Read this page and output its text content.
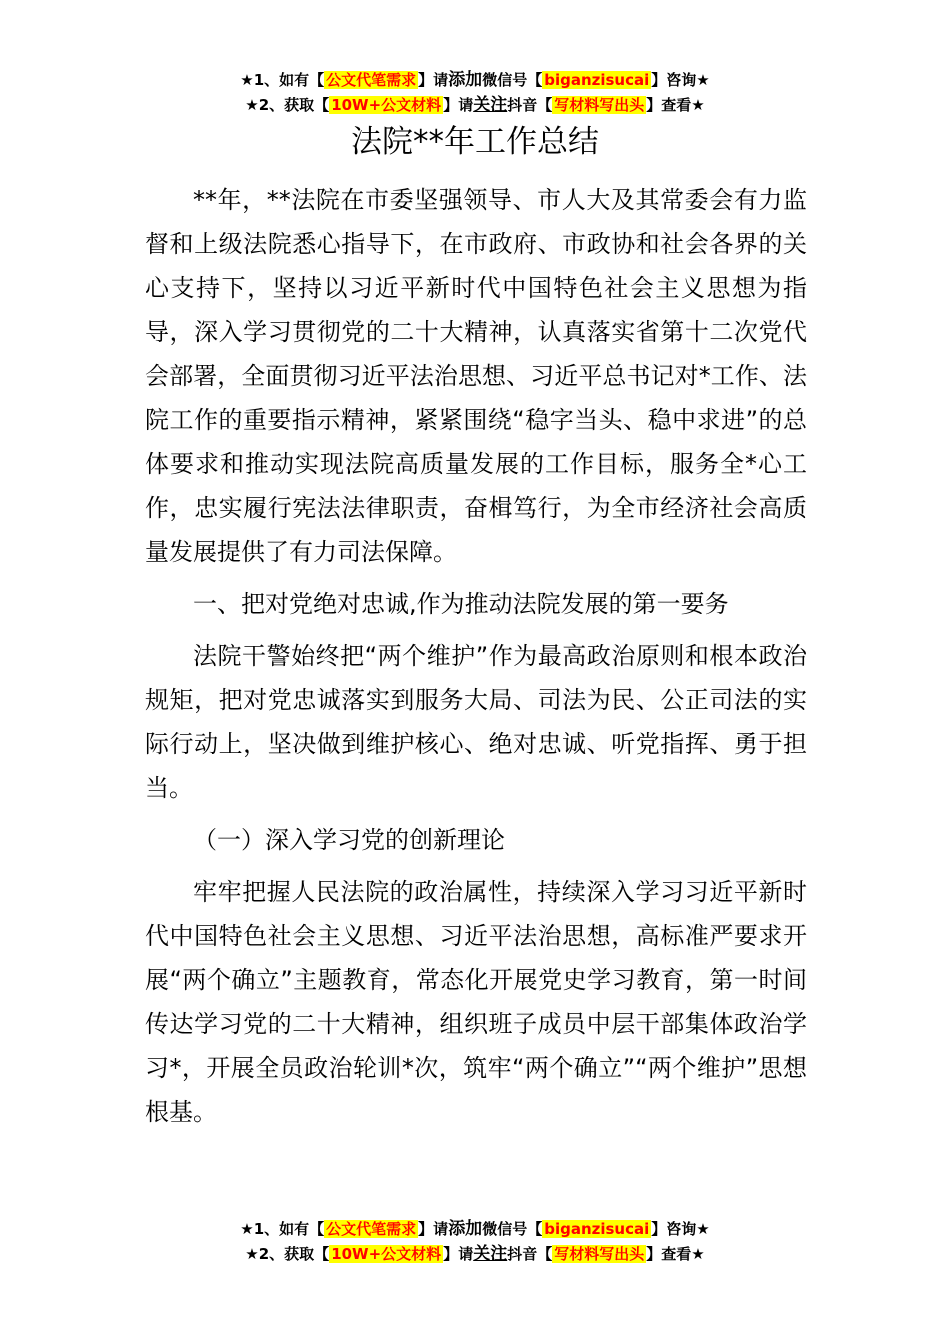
★1、如有【 公文代笔需求 】请添加微信号【 biganzisucai 】咨询★
★2、获取【 10W+公文材料 】请关注抖音【 写材料写出头 】查看★
法院**年工作总结

**年，**法院在市委坚强领导、市人大及其常委会有力监督和上级法院悉心指导下，在市政府、市政协和社会各界的关心支持下，坚持以习近平新时代中国特色社会主义思想为指导，深入学习贯彻党的二十大精神，认真落实省第十二次党代会部署，全面贯彻习近平法治思想、习近平总书记对*工作、法院工作的重要指示精神，紧紧围绕“稳字当头、稳中求进”的总体要求和推动实现法院高质量发展的工作目标，服务全*心工作，忠实履行宪法法律职责，奋楫笃行，为全市经济社会高质量发展提供了有力司法保障。

一、把对党绝对忠诚,作为推动法院发展的第一要务

法院干警始终把“两个维护”作为最高政治原则和根本政治规矩，把对党忠诚落实到服务大局、司法为民、公正司法的实际行动上，坚决做到维护核心、绝对忠诚、听党指挥、勇于担当。

（一）深入学习党的创新理论

牢牢把握人民法院的政治属性，持续深入学习习近平新时代中国特色社会主义思想、习近平法治思想，高标准严要求开展“两个确立”主题教育，常态化开展党史学习教育，第一时间传达学习党的二十大精神，组织班子成员中层干部集体政治学习*，开展全员政治轮训*次，筑牢“两个确立”“两个维护”思想根基。

★1、如有【 公文代笔需求 】请添加微信号【 biganzisucai 】咨询★
★2、获取【 10W+公文材料 】请关注抖音【 写材料写出头 】查看★
